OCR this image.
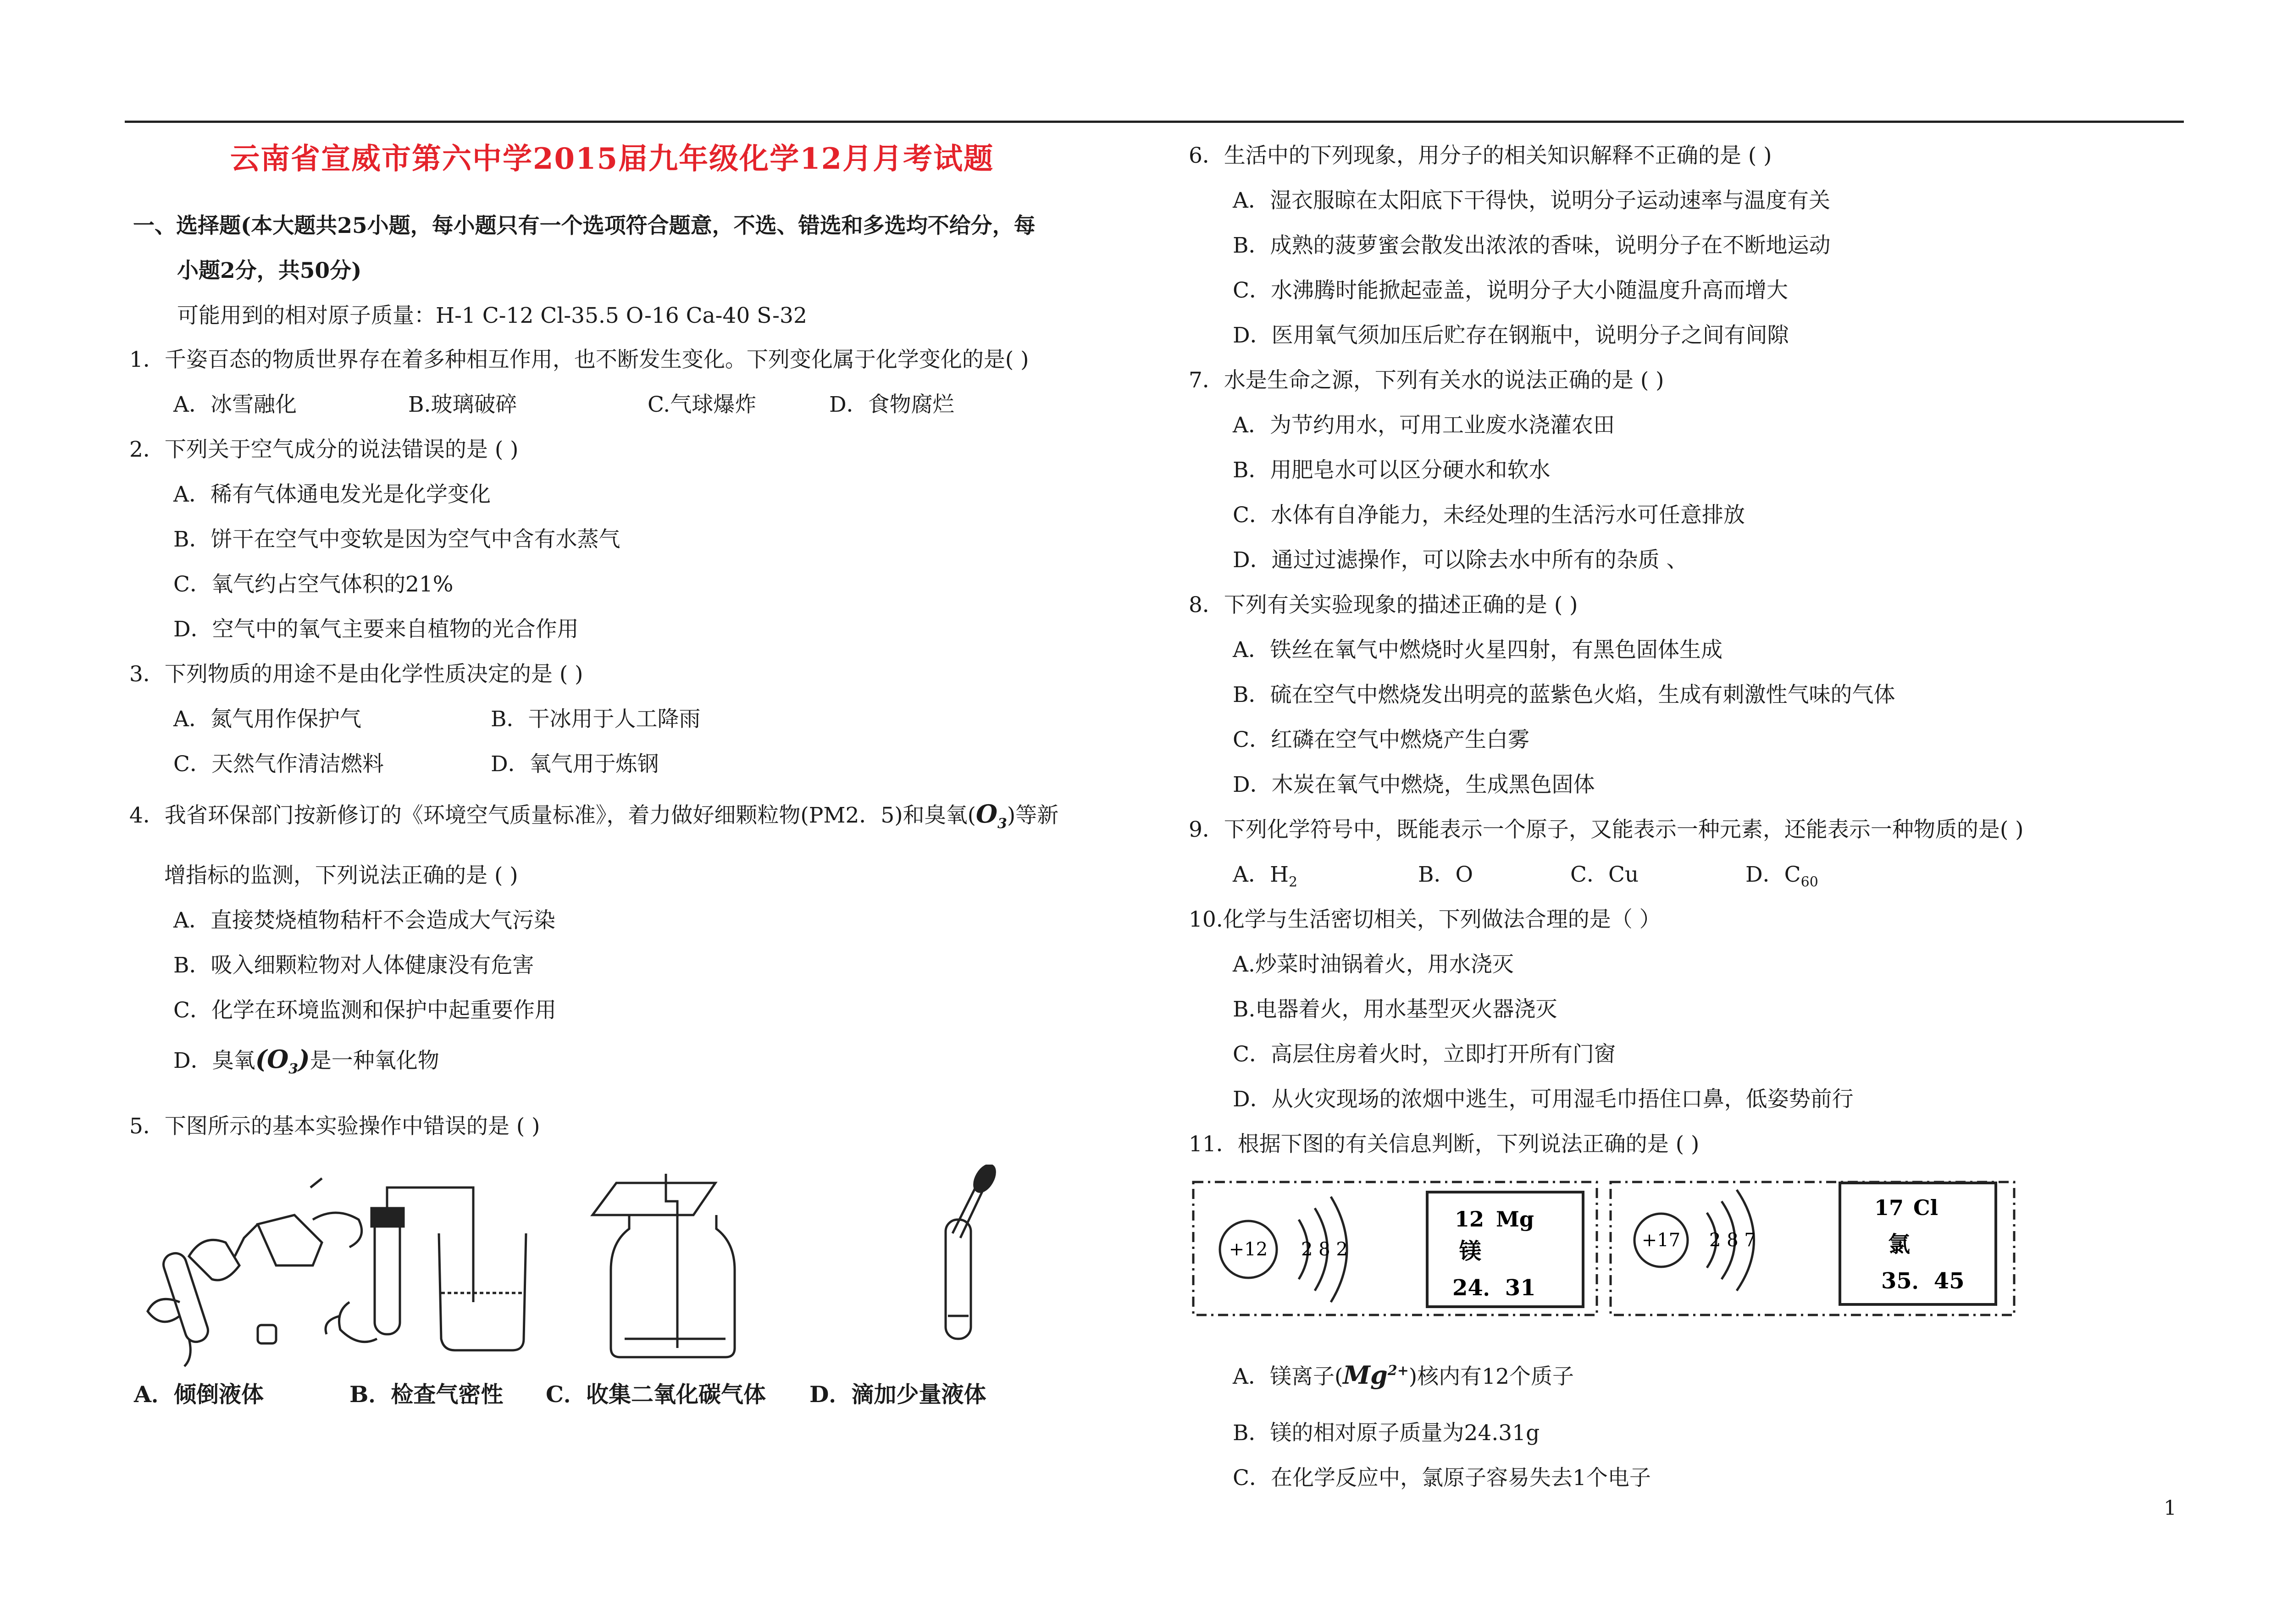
云南省宣威市第六中学2015届九年级化学12月月考试题
一、选择题(本大题共25小题，每小题只有一个选项符合题意，不选、错选和多选均不给分，每
小题2分，共50分)
可能用到的相对原子质量：H-1 C-12 Cl-35.5 O-16 Ca-40 S-32
1．千姿百态的物质世界存在着多种相互作用，也不断发生变化。下列变化属于化学变化的是( )
A．冰雪融化	B.玻璃破碎	C.气球爆炸	D．食物腐烂
2．下列关于空气成分的说法错误的是 ( )
A．稀有气体通电发光是化学变化
B．饼干在空气中变软是因为空气中含有水蒸气
C．氧气约占空气体积的21%
D．空气中的氧气主要来自植物的光合作用
3．下列物质的用途不是由化学性质决定的是 ( )
A．氮气用作保护气	B．干冰用于人工降雨
C．天然气作清洁燃料	D．氧气用于炼钢
4．我省环保部门按新修订的《环境空气质量标准》，着力做好细颗粒物(PM2．5)和臭氧$(O_3)$等新
增指标的监测，下列说法正确的是 ( )
A．直接焚烧植物秸杆不会造成大气污染
B．吸入细颗粒物对人体健康没有危害
C．化学在环境监测和保护中起重要作用
D．臭氧$(O_3)$是一种氧化物
5．下图所示的基本实验操作中错误的是 ( )
A．倾倒液体	B．检查气密性 C．收集二氧化碳气体 D．滴加少量液体
6．生活中的下列现象，用分子的相关知识解释不正确的是 ( )
A．湿衣服晾在太阳底下干得快，说明分子运动速率与温度有关
B．成熟的菠萝蜜会散发出浓浓的香味，说明分子在不断地运动
C．水沸腾时能掀起壶盖，说明分子大小随温度升高而增大
D．医用氧气须加压后贮存在钢瓶中，说明分子之间有间隙
7．水是生命之源，下列有关水的说法正确的是 ( )
A．为节约用水，可用工业废水浇灌农田
B．用肥皂水可以区分硬水和软水
C．水体有自净能力，未经处理的生活污水可任意排放
D．通过过滤操作，可以除去水中所有的杂质 、
8．下列有关实验现象的描述正确的是 ( )
A．铁丝在氧气中燃烧时火星四射，有黑色固体生成
B．硫在空气中燃烧发出明亮的蓝紫色火焰，生成有刺激性气味的气体
C．红磷在空气中燃烧产生白雾
D．木炭在氧气中燃烧，生成黑色固体
9．下列化学符号中，既能表示一个原子，又能表示一种元素，还能表示一种物质的是( )
A．$H_2$	B．O	C．Cu	D．$C_{60}$
10.化学与生活密切相关，下列做法合理的是（ ）
A.炒菜时油锅着火，用水浇灭
B.电器着火，用水基型灭火器浇灭
C．高层住房着火时，立即打开所有门窗
D．从火灾现场的浓烟中逃生，可用湿毛巾捂住口鼻，低姿势前行
11．根据下图的有关信息判断，下列说法正确的是 ( )
+12 2 8 2
12 Mg
镁
24．31
+17 2 8 7
17 Cl
氯
35．45
A．镁离子$(Mg^{2+})$核内有12个质子
B．镁的相对原子质量为24.31g
C．在化学反应中，氯原子容易失去1个电子
1
